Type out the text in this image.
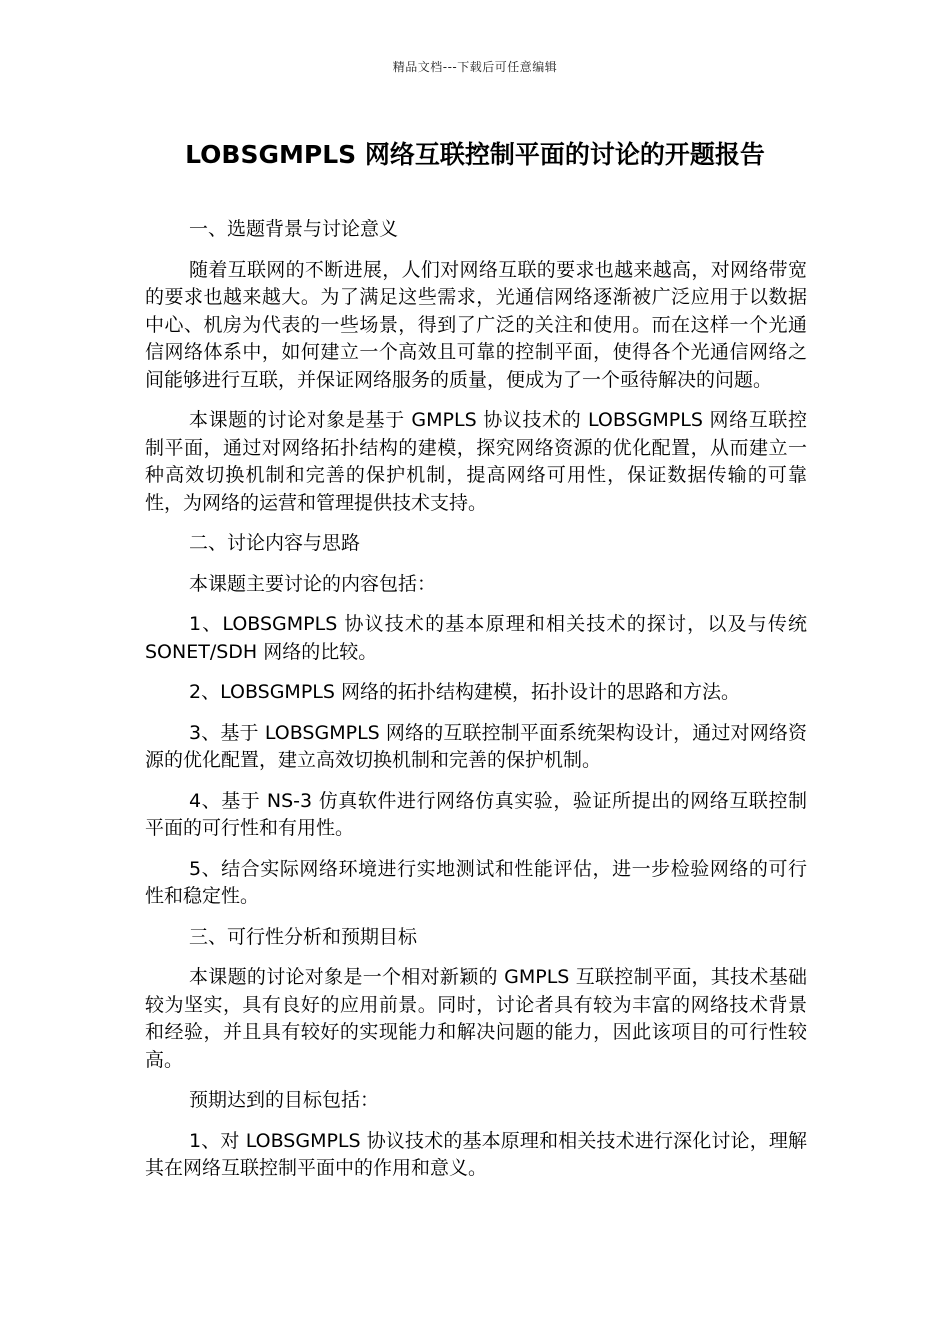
精品文档---下载后可任意编辑
LOBSGMPLS 网络互联控制平面的讨论的开题报告

一、选题背景与讨论意义

随着互联网的不断进展，人们对网络互联的要求也越来越高，对网络带宽的要求也越来越大。为了满足这些需求，光通信网络逐渐被广泛应用于以数据中心、机房为代表的一些场景，得到了广泛的关注和使用。而在这样一个光通信网络体系中，如何建立一个高效且可靠的控制平面，使得各个光通信网络之间能够进行互联，并保证网络服务的质量，便成为了一个亟待解决的问题。

本课题的讨论对象是基于 GMPLS 协议技术的 LOBSGMPLS 网络互联控制平面，通过对网络拓扑结构的建模，探究网络资源的优化配置，从而建立一种高效切换机制和完善的保护机制，提高网络可用性，保证数据传输的可靠性，为网络的运营和管理提供技术支持。

二、讨论内容与思路

本课题主要讨论的内容包括：

1、LOBSGMPLS 协议技术的基本原理和相关技术的探讨，以及与传统 SONET/SDH 网络的比较。

2、LOBSGMPLS 网络的拓扑结构建模，拓扑设计的思路和方法。

3、基于 LOBSGMPLS 网络的互联控制平面系统架构设计，通过对网络资源的优化配置，建立高效切换机制和完善的保护机制。

4、基于 NS-3 仿真软件进行网络仿真实验，验证所提出的网络互联控制平面的可行性和有用性。

5、结合实际网络环境进行实地测试和性能评估，进一步检验网络的可行性和稳定性。

三、可行性分析和预期目标

本课题的讨论对象是一个相对新颖的 GMPLS 互联控制平面，其技术基础较为坚实，具有良好的应用前景。同时，讨论者具有较为丰富的网络技术背景和经验，并且具有较好的实现能力和解决问题的能力，因此该项目的可行性较高。

预期达到的目标包括：

1、对 LOBSGMPLS 协议技术的基本原理和相关技术进行深化讨论，理解其在网络互联控制平面中的作用和意义。
